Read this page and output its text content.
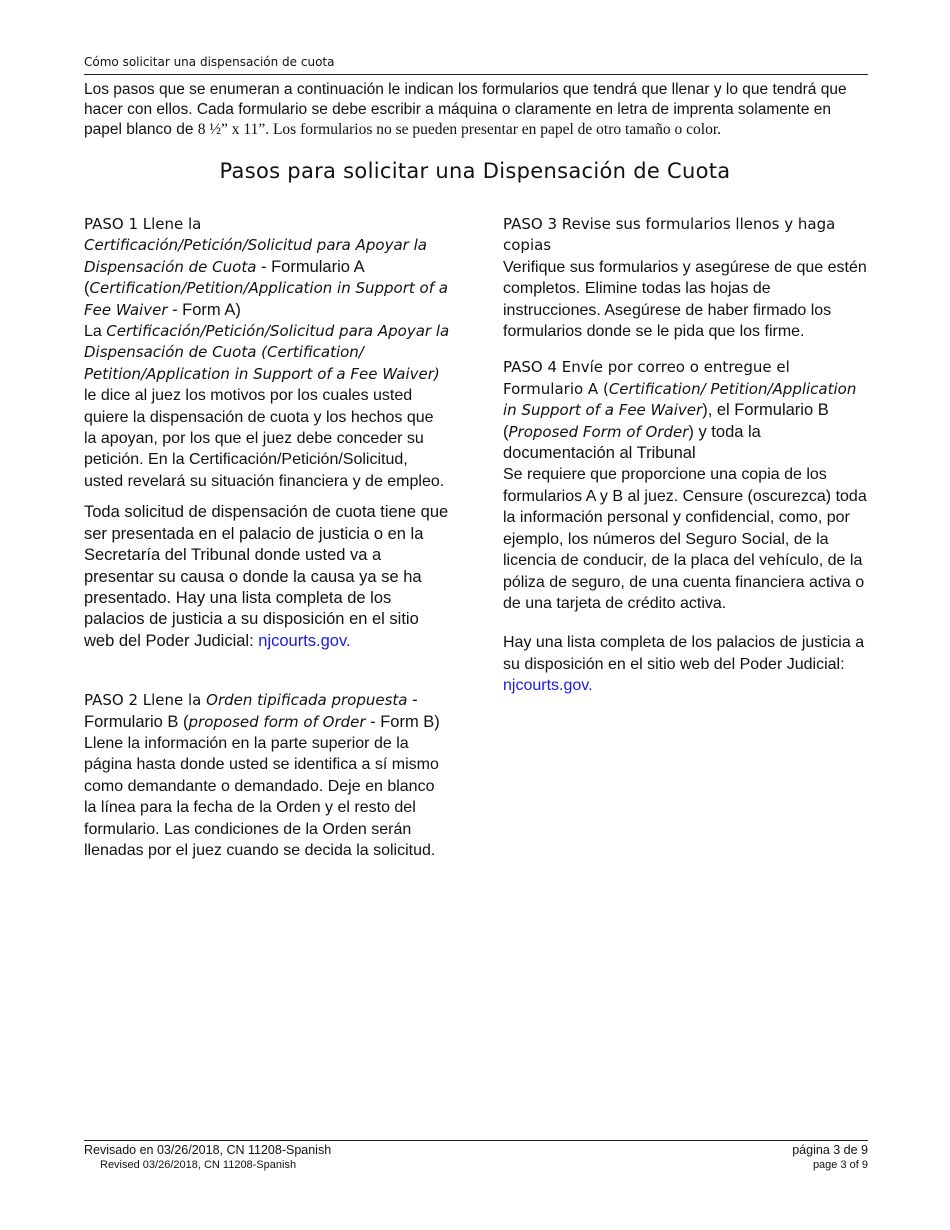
Cómo solicitar una dispensación de cuota
Los pasos que se enumeran a continuación le indican los formularios que tendrá que llenar y lo que tendrá que hacer con ellos. Cada formulario se debe escribir a máquina o claramente en letra de imprenta solamente en papel blanco de 8 ½” x 11”. Los formularios no se pueden presentar en papel de otro tamaño o color.
Pasos para solicitar una Dispensación de Cuota
PASO 1 Llene la
Certificación/Petición/Solicitud para Apoyar la Dispensación de Cuota - Formulario A
(Certification/Petition/Application in Support of a Fee Waiver - Form A)

La Certificación/Petición/Solicitud para Apoyar la Dispensación de Cuota (Certification/ Petition/Application in Support of a Fee Waiver) le dice al juez los motivos por los cuales usted quiere la dispensación de cuota y los hechos que la apoyan, por los que el juez debe conceder su petición. En la Certificación/Petición/Solicitud, usted revelará su situación financiera y de empleo.

Toda solicitud de dispensación de cuota tiene que ser presentada en el palacio de justicia o en la Secretaría del Tribunal donde usted va a presentar su causa o donde la causa ya se ha presentado. Hay una lista completa de los palacios de justicia a su disposición en el sitio web del Poder Judicial: njcourts.gov.

PASO 2 Llene la Orden tipificada propuesta - Formulario B (proposed form of Order - Form B)

Llene la información en la parte superior de la página hasta donde usted se identifica a sí mismo como demandante o demandado. Deje en blanco la línea para la fecha de la Orden y el resto del formulario. Las condiciones de la Orden serán llenadas por el juez cuando se decida la solicitud.

PASO 3 Revise sus formularios llenos y haga copias

Verifique sus formularios y asegúrese de que estén completos. Elimine todas las hojas de instrucciones. Asegúrese de haber firmado los formularios donde se le pida que los firme.

PASO 4 Envíe por correo o entregue el Formulario A (Certification/ Petition/Application in Support of a Fee Waiver), el Formulario B (Proposed Form of Order) y toda la documentación al Tribunal

Se requiere que proporcione una copia de los formularios A y B al juez. Censure (oscurezca) toda la información personal y confidencial, como, por ejemplo, los números del Seguro Social, de la licencia de conducir, de la placa del vehículo, de la póliza de seguro, de una cuenta financiera activa o de una tarjeta de crédito activa.

Hay una lista completa de los palacios de justicia a su disposición en el sitio web del Poder Judicial: njcourts.gov.

Revisado en 03/26/2018, CN 11208-Spanish
Revised 03/26/2018, CN 11208-Spanish
página 3 de 9
page 3 of 9
